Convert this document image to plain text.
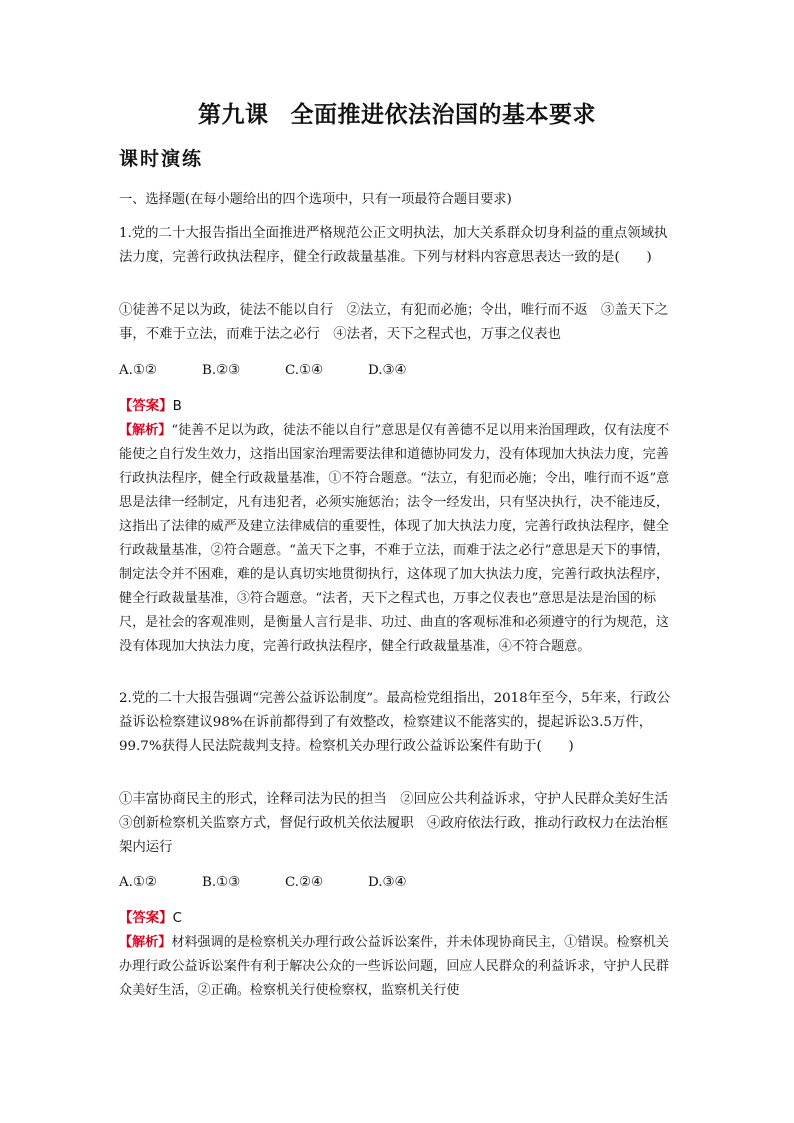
第九课 全面推进依法治国的基本要求
课时演练
一、选择题(在每小题给出的四个选项中，只有一项最符合题目要求)
1.党的二十大报告指出全面推进严格规范公正文明执法，加大关系群众切身利益的重点领域执法力度，完善行政执法程序，健全行政裁量基准。下列与材料内容意思表达一致的是(　　)
①徒善不足以为政，徒法不能以自行　②法立，有犯而必施；令出，唯行而不返　③盖天下之事，不难于立法，而难于法之必行　④法者，天下之程式也，万事之仪表也
A.①②	B.②③	C.①④	D.③④
【答案】B
【解析】“徒善不足以为政，徒法不能以自行”意思是仅有善德不足以用来治国理政，仅有法度不能使之自行发生效力，这指出国家治理需要法律和道德协同发力，没有体现加大执法力度，完善行政执法程序，健全行政裁量基准，①不符合题意。“法立，有犯而必施；令出，唯行而不返”意思是法律一经制定，凡有违犯者，必须实施惩治；法令一经发出，只有坚决执行，决不能违反，这指出了法律的威严及建立法律威信的重要性，体现了加大执法力度，完善行政执法程序，健全行政裁量基准，②符合题意。“盖天下之事，不难于立法，而难于法之必行”意思是天下的事情，制定法令并不困难，难的是认真切实地贯彻执行，这体现了加大执法力度，完善行政执法程序，健全行政裁量基准，③符合题意。“法者，天下之程式也，万事之仪表也”意思是法是治国的标尺，是社会的客观准则，是衡量人言行是非、功过、曲直的客观标准和必须遵守的行为规范，这没有体现加大执法力度，完善行政执法程序，健全行政裁量基准，④不符合题意。
2.党的二十大报告强调“完善公益诉讼制度”。最高检党组指出，2018年至今，5年来，行政公益诉讼检察建议98%在诉前都得到了有效整改，检察建议不能落实的，提起诉讼3.5万件，99.7%获得人民法院裁判支持。检察机关办理行政公益诉讼案件有助于(　　)
①丰富协商民主的形式，诠释司法为民的担当　②回应公共利益诉求，守护人民群众美好生活　③创新检察机关监察方式，督促行政机关依法履职　④政府依法行政，推动行政权力在法治框架内运行
A.①②	B.①③	C.②④	D.③④
【答案】C
【解析】材料强调的是检察机关办理行政公益诉讼案件，并未体现协商民主，①错误。检察机关办理行政公益诉讼案件有利于解决公众的一些诉讼问题，回应人民群众的利益诉求，守护人民群众美好生活，②正确。检察机关行使检察权，监察机关行使
